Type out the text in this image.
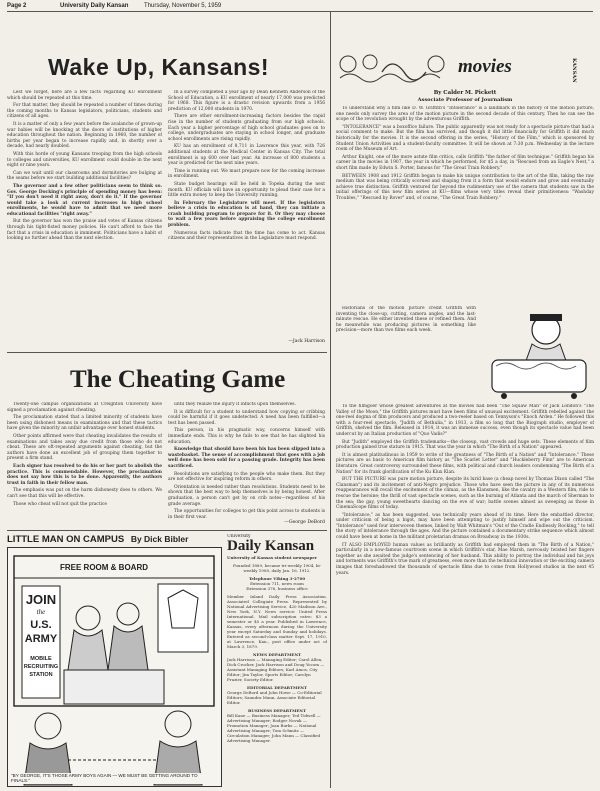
Page 2	University Daily Kansan	Thursday, November 5, 1959
Wake Up, Kansans!

Lest we forget, here are a few facts regarding KU enrollment which should be repeated at this time.

For that matter, they should be repeated a number of times during the coming months to Kansas legislators, politicians, students and citizens of all ages.

It is a matter of only a few years before the avalanche of grown-up war babies will be knocking at the doors of institutions of higher education throughout the nation. Beginning in 1960, the number of births per year began to increase rapidly and, in shortly over a decade, had nearly doubled.

With this horde of young Kansans trooping from the high schools to colleges and universities, KU enrollment could double in the next eight or nine years.

Can we wait until our classrooms and dormitories are bulging at the seams before we start building additional facilities?

The governor and a few other politicians seem to think so. Gov. George Docking's principle of spending money has been: "If you don't need it right away, don't do it." If the governor would take a look at current increases in high school enrollments, he would have to admit that we need more educational facilities "right away."

But the governor has won the praise and votes of Kansas citizens through his tight-fisted money policies. He can't afford to face the fact that a crisis in education is imminent. Politicians have a habit of looking no further ahead than the next election.

In a survey completed a year ago by Dean Kenneth Anderson of the School of Education, a KU enrollment of nearly 17,000 was predicted for 1968. This figure is a drastic revision upwards from a 1956 prediction of 12,000 students in 1970.

There are other enrollment-increasing factors besides the rapid rise in the number of students graduating from our high schools. Each year a higher percentage of high school graduates goes on to college, undergraduates are staying in school longer, and graduate school enrollments are rising rapidly.

KU has an enrollment of 8,711 in Lawrence this year, with 726 additional students at the Medical Center in Kansas City. The total enrollment is up 600 over last year. An increase of 800 students a year is predicted for the next nine years.

Time is running out. We must prepare now for the coming increase in enrollment.

State budget hearings will be held in Topeka during the next month. KU officials will have an opportunity to plead their case for a little extra money to keep the University running.

In February the Legislature will meet. If the legislators believe a crisis in education is at hand, they can initiate a crash building program to prepare for it. Or they may choose to wait a few years before appraising the college enrollment problem.

Numerous facts indicate that the time has come to act. Kansas citizens and their representatives in the Legislature must respond.

—Jack Harrison
The Cheating Game

Twenty-one campus organizations at Creighton University have signed a proclamation against cheating.

The proclamation stated that a limited minority of students have been using dishonest means in examinations and that these tactics have given the minority an unfair advantage over honest students.

Other points affirmed were that cheating invalidates the results of examinations and takes away due credit from those who do not cheat. These are oft-repeated arguments against cheating, but the authors have done an excellent job of grouping them together to present a firm stand.

Each signer has resolved to do his or her part to abolish the practice. This is commendable. However, the proclamation does not say how this is to be done. Apparently, the authors trust in faith in their fellow man.

The emphasis was put on the harm dishonesty does to others. We can't see that this will be effective.

Those who cheat will not quit the practice

until they realize the injury it inflicts upon themselves.

It is difficult for a student to understand how copying or cribbing could be harmful if it goes undetected. A need has been fulfilled—a test has been passed.

This person, in his pragmatic way, concerns himself with immediate ends. This is why he fails to see that he has slighted his education.

Knowledge that should have been his has been slipped into a wastebasket. The sense of accomplishment that goes with a job well done has been sold for a passing grade. Integrity has been sacrificed.

Resolutions are satisfying to the people who make them. But they are not effective for inspiring reform in others.

Orientation is needed rather than resolutions. Students need to be shown that the best way to help themselves is by being honest. After graduation, a person can't get by on crib notes—regardless of his grade average.

The opportunities for colleges to get this point across to students is in their first year.

—George DeBord
LITTLE MAN ON CAMPUS By Dick Bibler
FREE ROOM & BOARD
JOIN
the
U.S.
ARMY
MOBILE
RECRUITING
STATION
"BY GEORGE, IT'S THOSE ARMY BOYS AGAIN — WE MUST BE GETTING AROUND TO FINALS."
University
Daily Kansan
University of Kansas student newspaper
Founded 1889, became tri-weekly 1904, bi-weekly 1908, daily Jan. 16, 1912.
Telephone VIking 3-2700
Extension 711, news room
Extension 376, business office
Member Inland Daily Press Association. Associated Collegiate Press. Represented by National Advertising Service, 420 Madison Ave., New York, N.Y. News service: United Press International. Mail subscription rates: $3 a semester or $5 a year. Published in Lawrence, Kansas, every afternoon during the University year except Saturday and Sunday and holidays. Entered as second-class matter Sept. 17, 1910, at Lawrence, Kan., post office under act of March 3, 1879.
NEWS DEPARTMENT
Jack Harrison — Managing Editor; Carol Allen, Dick Crocker, Jack Harrison and Doug Yocom — Assistant Managing Editors; Karl Amos, City Editor; Jim Taylor, Sports Editor; Carolyn Frazier, Society Editor.
EDITORIAL DEPARTMENT
George DeBord and John Howe — Co-Editorial Editors; Saundra Mann, Associate Editorial Editor.
BUSINESS DEPARTMENT
Bill Kane — Business Manager; Ted Tidwell — Advertising Manager; Rodger Novak — Promotion Manager; Joan Burks — National Advertising Manager; Tom Schmitz — Circulation Manager; John Mann — Classified Advertising Manager.
movies	KANSAN
By Calder M. Pickett
Associate Professor of Journalism

To understand why a film like D. W. Griffith's "Intolerance" is a landmark in the history of the motion picture, one needs only survey the area of the motion picture in the second decade of this century. Then he can see the scope of the revolution wrought by the adventurous Griffith.

"INTOLERANCE" was a boxoffice failure. The public apparently was not ready for a spectacle picture that had a social comment to make. But the film has survived, and though it did little financially for Griffith it did much historically for the movies. It is the second offering in the series, "History of the Film," which is sponsored by Student Union Activities and a student-faculty committee. It will be shown at 7:30 p.m. Wednesday in the lecture room of the Museum of Art.

Arthur Knight, one of the more astute film critics, calls Griffith "the father of film technique." Griffith began his career in the movies in 1907, the year in which he performed, for $5 a day, in "Rescued from an Eagle's Nest," a short film made by Edwin S. Porter, famous for "The Great Train Robbery."

BETWEEN 1908 and 1912 Griffith began to make his unique contribution to the art of the film, taking the raw medium that was being critically scorned and shaping from it a form that would endure and grow and eventually achieve true distinction. Griffith ventured far beyond the rudimentary use of the camera that students saw in the initial offerings of this new film series at KU—films whose very titles reveal their primitiveness: "Washday Troubles," "Rescued by Rover" and, of course, "The Great Train Robbery."

Historians of the motion picture credit Griffith with inventing the close-up, cutting, camera angles, and the last-minute rescue. He either invented these or refined them. And he meanwhile was producing pictures in something like precision—more than two films each week.

To the filmgoer whose greatest adventures at the movies had been "The Squaw Man" or Jack London's "The Valley of the Moon," the Griffith pictures must have been films of unusual excitement. Griffith rebelled against the one-reel dogma of film producers and produced a two-reeler based on Tennyson's "Enoch Arden." He followed this with a four-reel spectacle, "Judith of Bethulia," in 1913, a film so long that the Biograph studio, employer of Griffith, shelved the film. Released in 1914, it was an immense success, even though its spectacle value had been undercut by an Italian production of "Quo Vadis?"

But "Judith" employed the Griffith trademarks—the closeup, vast crowds and huge sets. These elements of film production gained true stature in 1915. That was the year in which "The Birth of a Nation" appeared.

It is almost platitudinous in 1959 to write of the greatness of "The Birth of a Nation" and "Intolerance." These pictures are as basic to American film history as "The Scarlet Letter" and "Huckleberry Finn" are to American literature. Great controversy surrounded these films, with political and church leaders condemning "The Birth of a Nation" for its frank glorification of the Ku Klux Klan.

BUT THE PICTURE was pure motion picture, despite its lurid base (a cheap novel by Thomas Dixon called "The Clansman") and its incitement of anti-Negro prejudice. Those who have seen the picture in any of its numerous reappearances will recall the excitement of the climax, as the Klansmen, like the cavalry in a Western film, ride to rescue the heroine; the thrill of vast spectacle scenes, such as the burning of Atlanta and the march of Sherman to the sea; the gay, young sweethearts dancing on the eve of war; battle scenes almost as sweeping as those in CinemaScope films of today.

"Intolerance," as has been suggested, was technically years ahead of its time. Here the embattled director, under criticism of being a bigot, may have been attempting to justify himself and wipe out the criticism. "Intolerance" used four interwoven themes, linked by Walt Whitman's "Out of the Cradle Endlessly Rocking," to tell the story of intolerance through the ages. And the picture contained a documentary strike sequence which almost could have been at home in the militant proletarian dramas on Broadway in the 1930s.

IT ALSO EMPLOYED human values as brilliantly as Griffith had employed them in "The Birth of a Nation," particularly in a now-famous courtroom scene in which Griffith's star, Mae Marsh, nervously twisted her fingers together as she awaited the judge's sentencing of her husband. This ability to portray the individual and his joys and torments was Griffith's true mark of greatness, even more than the technical innovation or the exciting camera images that foreshadowed the thousands of spectacle films due to come from Hollywood studios in the next 45 years.
